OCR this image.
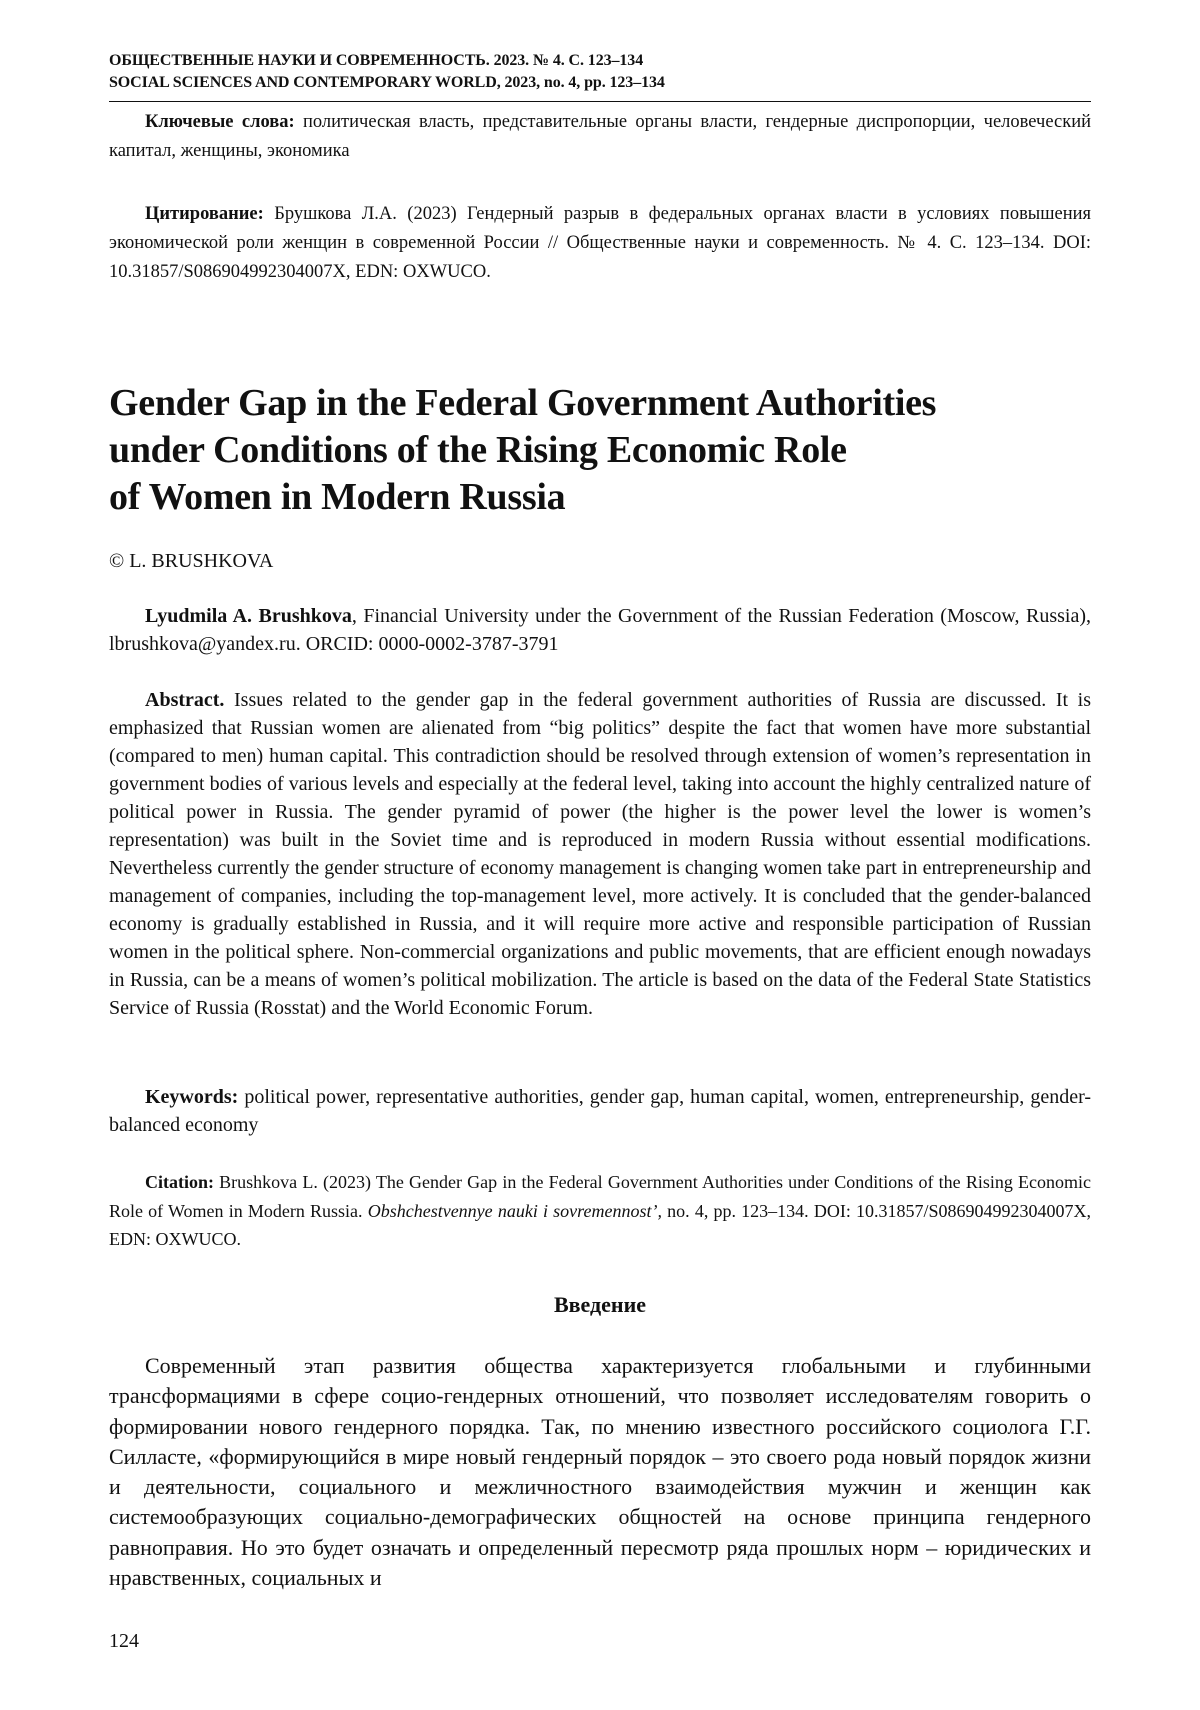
ОБЩЕСТВЕННЫЕ НАУКИ И СОВРЕМЕННОСТЬ. 2023. № 4. С. 123–134
SOCIAL SCIENCES AND CONTEMPORARY WORLD, 2023, no. 4, pp. 123–134

Ключевые слова: политическая власть, представительные органы власти, гендерные диспропорции, человеческий капитал, женщины, экономика

Цитирование: Брушкова Л.А. (2023) Гендерный разрыв в федеральных органах власти в условиях повышения экономической роли женщин в современной России // Общественные науки и современность. № 4. С. 123–134. DOI: 10.31857/S086904992304007X, EDN: OXWUCO.

Gender Gap in the Federal Government Authorities
under Conditions of the Rising Economic Role
of Women in Modern Russia

© L. BRUSHKOVA

Lyudmila A. Brushkova, Financial University under the Government of the Russian Federation (Moscow, Russia), lbrushkova@yandex.ru. ORCID: 0000-0002-3787-3791

Abstract. Issues related to the gender gap in the federal government authorities of Russia are discussed. It is emphasized that Russian women are alienated from “big politics” despite the fact that women have more substantial (compared to men) human capital. This contradiction should be resolved through extension of women’s representation in government bodies of various levels and especially at the federal level, taking into account the highly centralized nature of political power in Russia. The gender pyramid of power (the higher is the power level the lower is women’s representation) was built in the Soviet time and is reproduced in modern Russia without essential modifications. Nevertheless currently the gender structure of economy management is changing women take part in entrepreneurship and management of companies, including the top-management level, more actively. It is concluded that the gender-balanced economy is gradually established in Russia, and it will require more active and responsible participation of Russian women in the political sphere. Non-commercial organizations and public movements, that are efficient enough nowadays in Russia, can be a means of women’s political mobilization. The article is based on the data of the Federal State Statistics Service of Russia (Rosstat) and the World Economic Forum.

Keywords: political power, representative authorities, gender gap, human capital, women, entrepreneurship, gender-balanced economy

Citation: Brushkova L. (2023) The Gender Gap in the Federal Government Authorities under Conditions of the Rising Economic Role of Women in Modern Russia. Obshchestvennye nauki i sovremennost’, no. 4, pp. 123–134. DOI: 10.31857/S086904992304007X, EDN: OXWUCO.

Введение

Современный этап развития общества характеризуется глобальными и глубинными трансформациями в сфере социо-гендерных отношений, что позволяет исследователям говорить о формировании нового гендерного порядка. Так, по мнению известного российского социолога Г.Г. Силласте, «формирующийся в мире новый гендерный порядок – это своего рода новый порядок жизни и деятельности, социального и межличностного взаимодействия мужчин и женщин как системообразующих социально-демографических общностей на основе принципа гендерного равноправия. Но это будет означать и определенный пересмотр ряда прошлых норм – юридических и нравственных, социальных и

124
